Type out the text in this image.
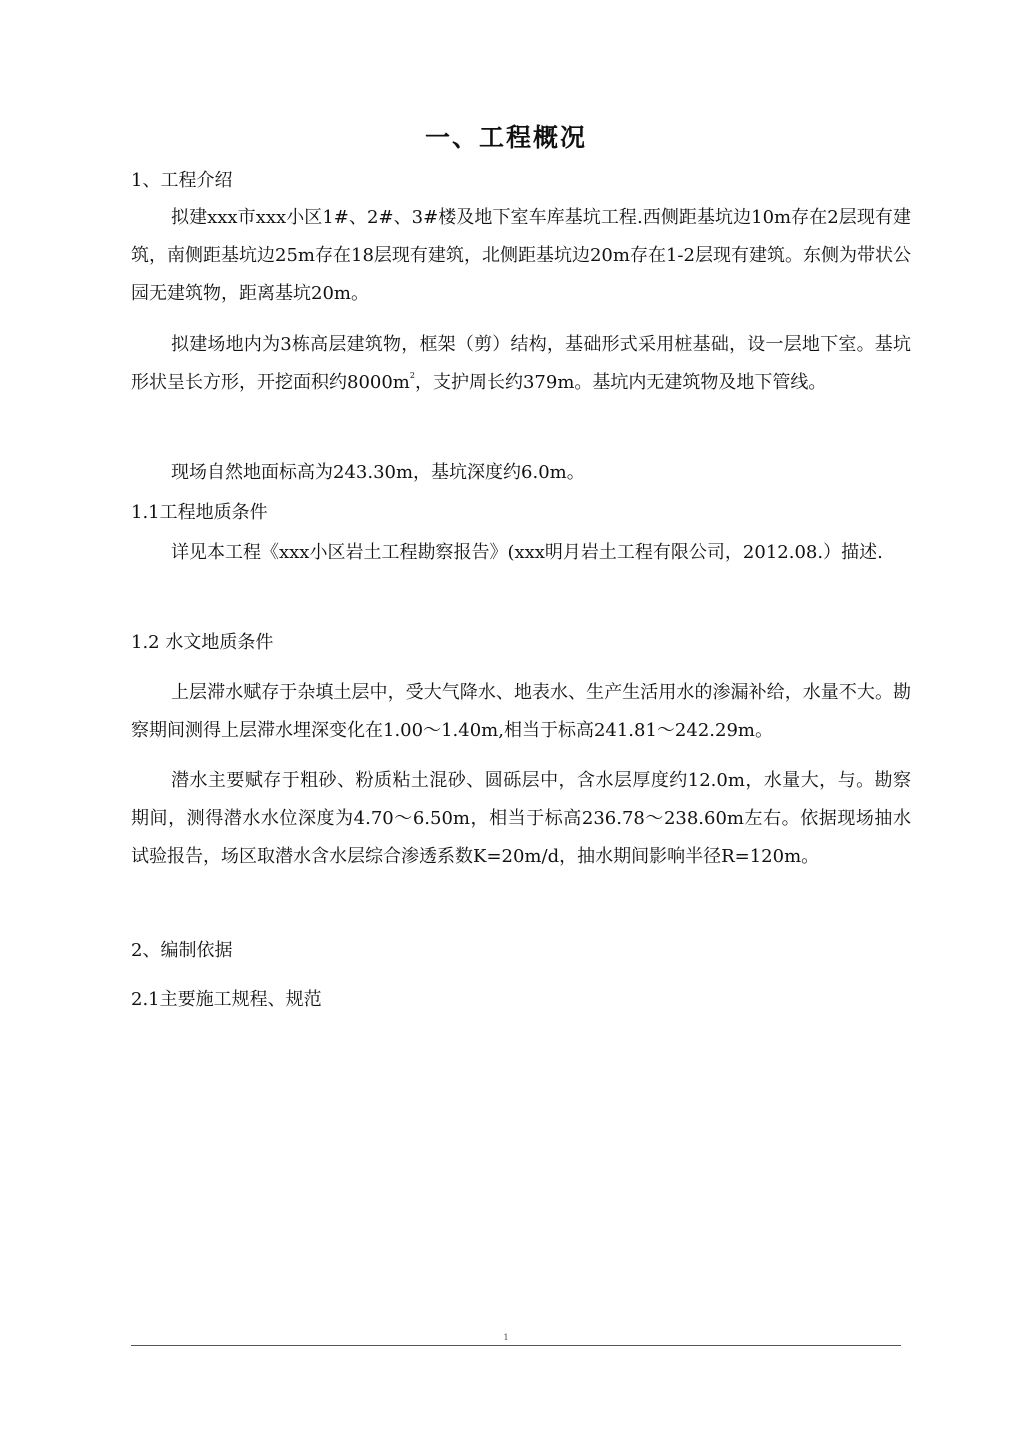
一、工程概况
1、工程介绍
拟建xxx市xxx小区1#、2#、3#楼及地下室车库基坑工程.西侧距基坑边10m存在2层现有建筑，南侧距基坑边25m存在18层现有建筑，北侧距基坑边20m存在1-2层现有建筑。东侧为带状公园无建筑物，距离基坑20m。
拟建场地内为3栋高层建筑物，框架（剪）结构，基础形式采用桩基础，设一层地下室。基坑形状呈长方形，开挖面积约$8000m^2$，支护周长约379m。基坑内无建筑物及地下管线。
现场自然地面标高为243.30m，基坑深度约6.0m。
1.1工程地质条件
详见本工程《xxx小区岩土工程勘察报告》(xxx明月岩土工程有限公司，2012.08.）描述.
1.2 水文地质条件
上层滞水赋存于杂填土层中，受大气降水、地表水、生产生活用水的渗漏补给，水量不大。勘察期间测得上层滞水埋深变化在1.00～1.40m,相当于标高241.81～242.29m。
潜水主要赋存于粗砂、粉质粘土混砂、圆砾层中，含水层厚度约12.0m，水量大，与。勘察期间，测得潜水水位深度为4.70～6.50m，相当于标高236.78～238.60m左右。依据现场抽水试验报告，场区取潜水含水层综合渗透系数K=20m/d，抽水期间影响半径R=120m。
2、编制依据
2.1主要施工规程、规范
1
